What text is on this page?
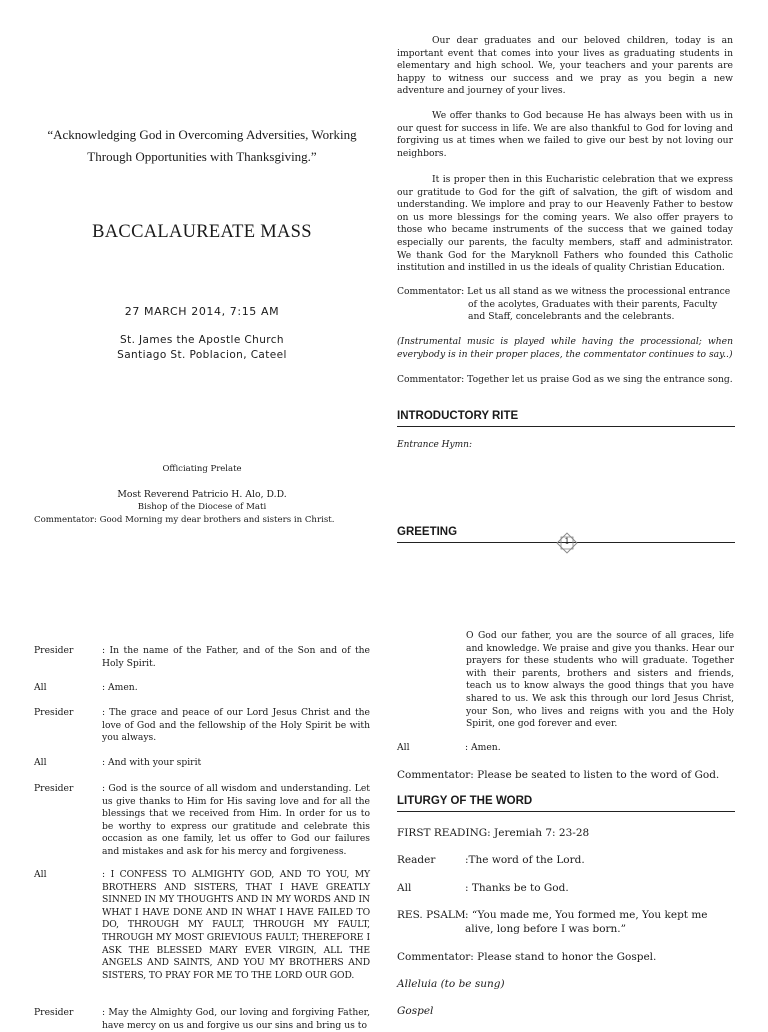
“Acknowledging God in Overcoming Adversities, Working Through Opportunities with Thanksgiving.”
BACCALAUREATE MASS
27 MARCH 2014, 7:15 AM
St. James the Apostle Church
Santiago St. Poblacion, Cateel
Officiating Prelate
Most Reverend Patricio H. Alo, D.D.
Bishop of the Diocese of Mati
Commentator: Good Morning my dear brothers and sisters in Christ.

Our dear graduates and our beloved children, today is an important event that comes into your lives as graduating students in elementary and high school. We, your teachers and your parents are happy to witness our success and we pray as you begin a new adventure and journey of your lives.

We offer thanks to God because He has always been with us in our quest for success in life. We are also thankful to God for loving and forgiving us at times when we failed to give our best by not loving our neighbors.

It is proper then in this Eucharistic celebration that we express our gratitude to God for the gift of salvation, the gift of wisdom and understanding. We implore and pray to our Heavenly Father to bestow on us more blessings for the coming years. We also offer prayers to those who became instruments of the success that we gained today especially our parents, the faculty members, staff and administrator. We thank God for the Maryknoll Fathers who founded this Catholic institution and instilled in us the ideals of quality Christian Education.

Commentator: Let us all stand as we witness the processional entrance
of the acolytes, Graduates with their parents, Faculty and Staff, concelebrants and the celebrants.

(Instrumental music is played while having the processional; when everybody is in their proper places, the commentator continues to say..)

Commentator: Together let us praise God as we sing the entrance song.
INTRODUCTORY RITE
Entrance Hymn:
GREETING
1
Presider	: In the name of the Father, and of the Son and of the Holy Spirit.
All	: Amen.
Presider	: The grace and peace of our Lord Jesus Christ and the love of God and the fellowship of the Holy Spirit be with you always.
All	: And with your spirit
Presider	: God is the source of all wisdom and understanding. Let us give thanks to Him for His saving love and for all the blessings that we received from Him. In order for us to be worthy to express our gratitude and celebrate this occasion as one family, let us offer to God our failures and mistakes and ask for his mercy and forgiveness.
All	: I CONFESS TO ALMIGHTY GOD, AND TO YOU, MY BROTHERS AND SISTERS, THAT I HAVE GREATLY SINNED IN MY THOUGHTS AND IN MY WORDS AND IN WHAT I HAVE DONE AND IN WHAT I HAVE FAILED TO DO, THROUGH MY FAULT, THROUGH MY FAULT, THROUGH MY MOST GRIEVIOUS FAULT; THEREFORE I ASK THE BLESSED MARY EVER VIRGIN, ALL THE ANGELS AND SAINTS, AND YOU MY BROTHERS AND SISTERS, TO PRAY FOR ME TO THE LORD OUR GOD.
Presider	: May the Almighty God, our loving and forgiving Father, have mercy on us and forgive us our sins and bring us to

O God our father, you are the source of all graces, life and knowledge. We praise and give you thanks. Hear our prayers for these students who will graduate. Together with their parents, brothers and sisters and friends, teach us to know always the good things that you have shared to us. We ask this through our lord Jesus Christ, your Son, who lives and reigns with you and the Holy Spirit, one god forever and ever.

All	: Amen.
Commentator: Please be seated to listen to the word of God.
LITURGY OF THE WORD
FIRST READING: Jeremiah 7: 23-28
Reader	:The word of the Lord.
All	: Thanks be to God.
RES. PSALM : “You made me, You formed me, You kept me alive, long before I was born.”
Commentator: Please stand to honor the Gospel.
Alleluia (to be sung)
Gospel
